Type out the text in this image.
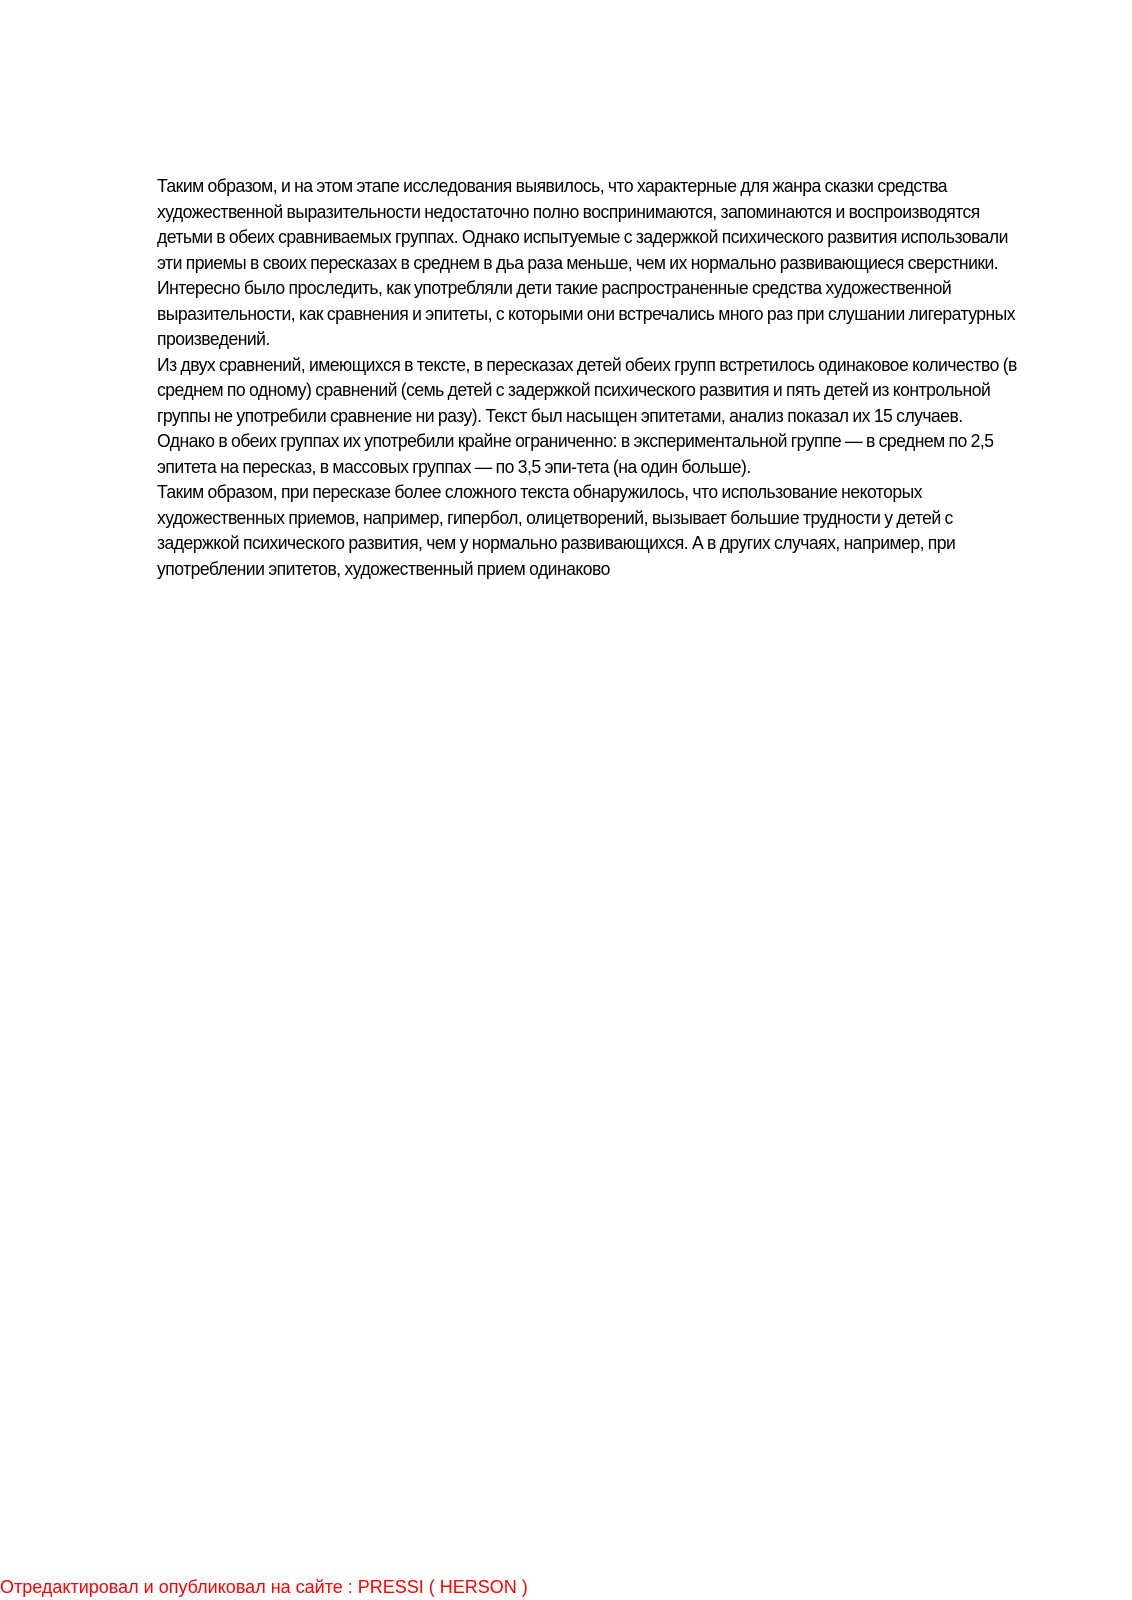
Таким образом, и на этом этапе исследования выявилось, что характерные для жанра сказки средства художественной выразительности недостаточно полно воспринимаются, запоминаются и воспроизводятся детьми в обеих сравниваемых группах. Однако испытуемые с задержкой психического развития использовали эти приемы в своих пересказах в среднем в дьа раза меньше, чем их нормально развивающиеся сверстники.

Интересно было проследить, как употребляли дети такие распространенные средства художественной выразительности, как сравнения и эпитеты, с которыми они встречались много раз при слушании лигературных произведений.

Из двух сравнений, имеющихся в тексте, в пересказах детей обеих групп встретилось одинаковое количество (в среднем по одному) сравнений (семь детей с задержкой психического развития и пять детей из контрольной группы не употребили сравнение ни разу). Текст был насыщен эпитетами, анализ показал их 15 случаев. Однако в обеих группах их употребили крайне ограниченно: в экспериментальной группе — в среднем по 2,5 эпитета на пересказ, в массовых группах — по 3,5 эпи-тета (на один больше).

Таким образом, при пересказе более сложного текста обнаружилось, что использование некоторых художественных приемов, например, гипербол, олицетворений, вызывает большие трудности у детей с задержкой психического развития, чем у нормально развивающихся. А в других случаях, например, при употреблении эпитетов, художественный прием одинаково

Отредактировал и опубликовал на сайте : PRESSI ( HERSON )
